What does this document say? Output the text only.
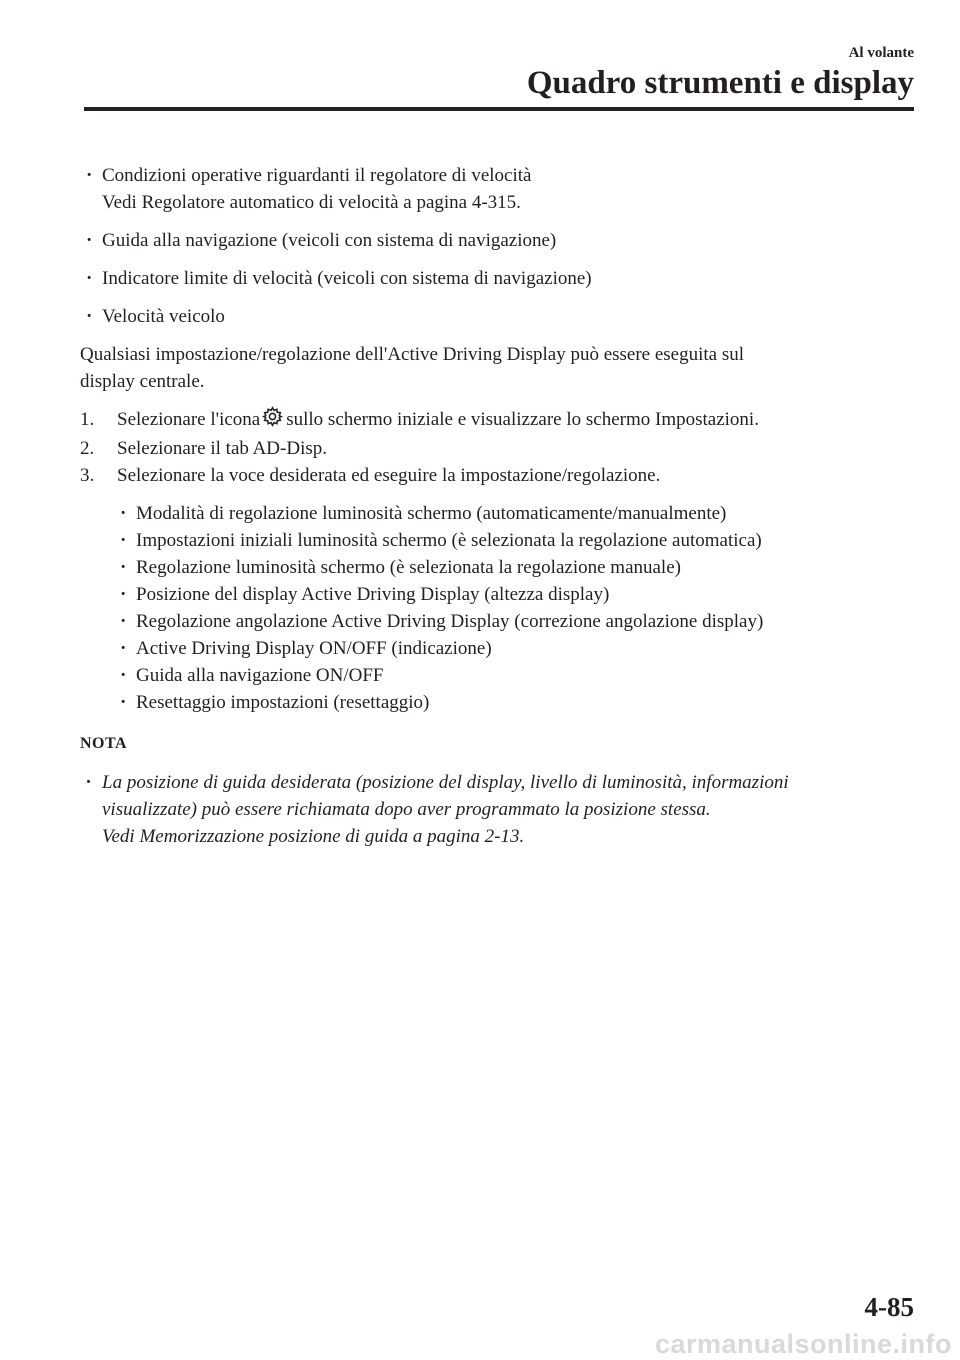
Al volante
Quadro strumenti e display
· Condizioni operative riguardanti il regolatore di velocità
Vedi Regolatore automatico di velocità a pagina 4-315.
· Guida alla navigazione (veicoli con sistema di navigazione)
· Indicatore limite di velocità (veicoli con sistema di navigazione)
· Velocità veicolo
Qualsiasi impostazione/regolazione dell'Active Driving Display può essere eseguita sul
display centrale.
1. Selezionare l'icona sullo schermo iniziale e visualizzare lo schermo Impostazioni.
2. Selezionare il tab AD-Disp.
3. Selezionare la voce desiderata ed eseguire la impostazione/regolazione.
· Modalità di regolazione luminosità schermo (automaticamente/manualmente)
· Impostazioni iniziali luminosità schermo (è selezionata la regolazione automatica)
· Regolazione luminosità schermo (è selezionata la regolazione manuale)
· Posizione del display Active Driving Display (altezza display)
· Regolazione angolazione Active Driving Display (correzione angolazione display)
· Active Driving Display ON/OFF (indicazione)
· Guida alla navigazione ON/OFF
· Resettaggio impostazioni (resettaggio)
NOTA
· La posizione di guida desiderata (posizione del display, livello di luminosità, informazioni
visualizzate) può essere richiamata dopo aver programmato la posizione stessa.
Vedi Memorizzazione posizione di guida a pagina 2-13.
4-85
carmanualsonline.info
